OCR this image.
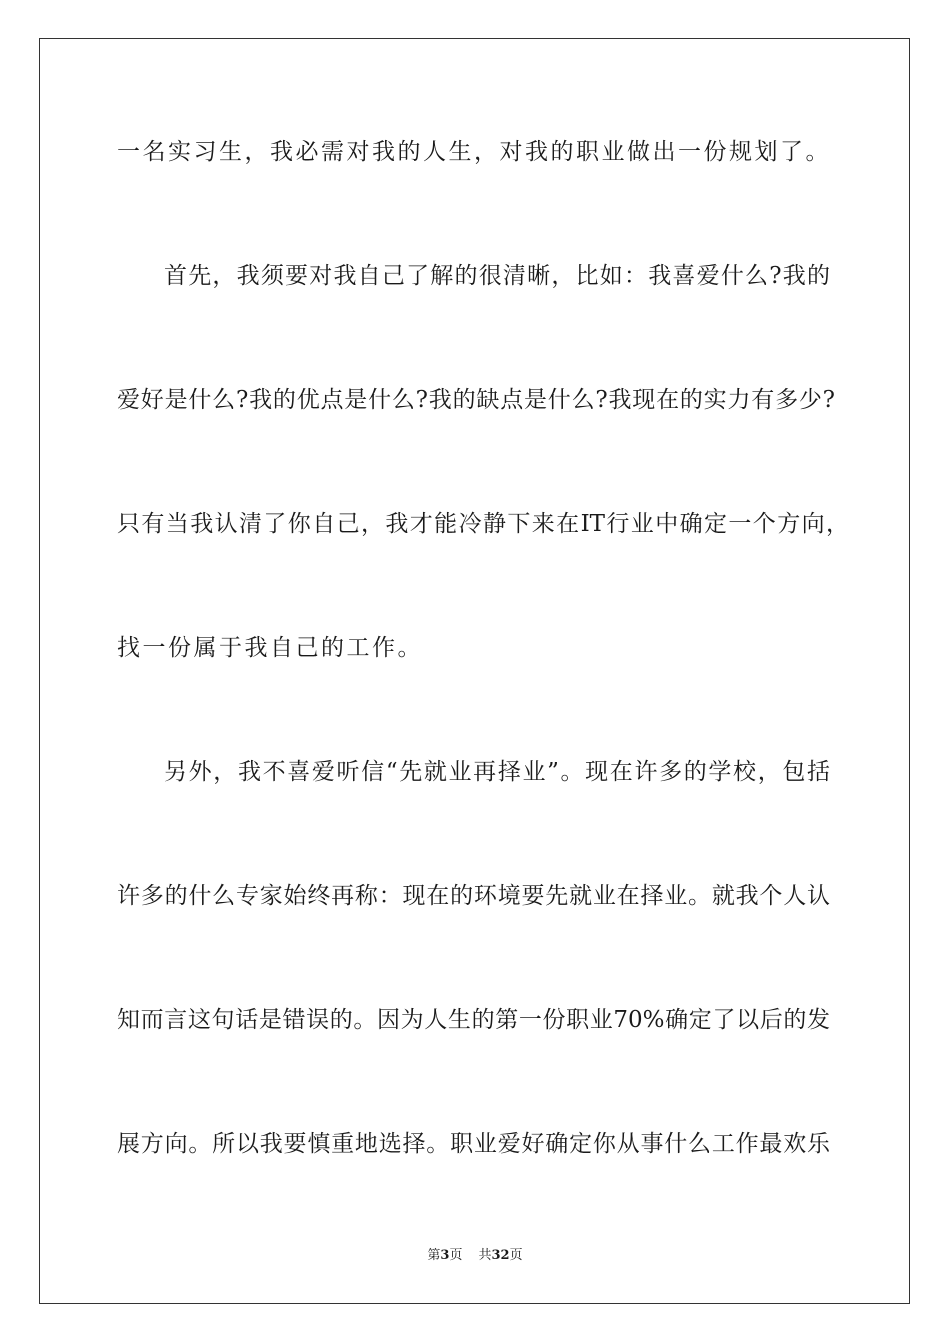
一名实习生，我必需对我的人生，对我的职业做出一份规划了。
首先，我须要对我自己了解的很清晰，比如：我喜爱什么?我的
爱好是什么?我的优点是什么?我的缺点是什么?我现在的实力有多少?
只有当我认清了你自己，我才能冷静下来在IT行业中确定一个方向，
找一份属于我自己的工作。
另外，我不喜爱听信“先就业再择业”。现在许多的学校，包括
许多的什么专家始终再称：现在的环境要先就业在择业。就我个人认
知而言这句话是错误的。因为人生的第一份职业70%确定了以后的发
展方向。所以我要慎重地选择。职业爱好确定你从事什么工作最欢乐
第3页 共32页
